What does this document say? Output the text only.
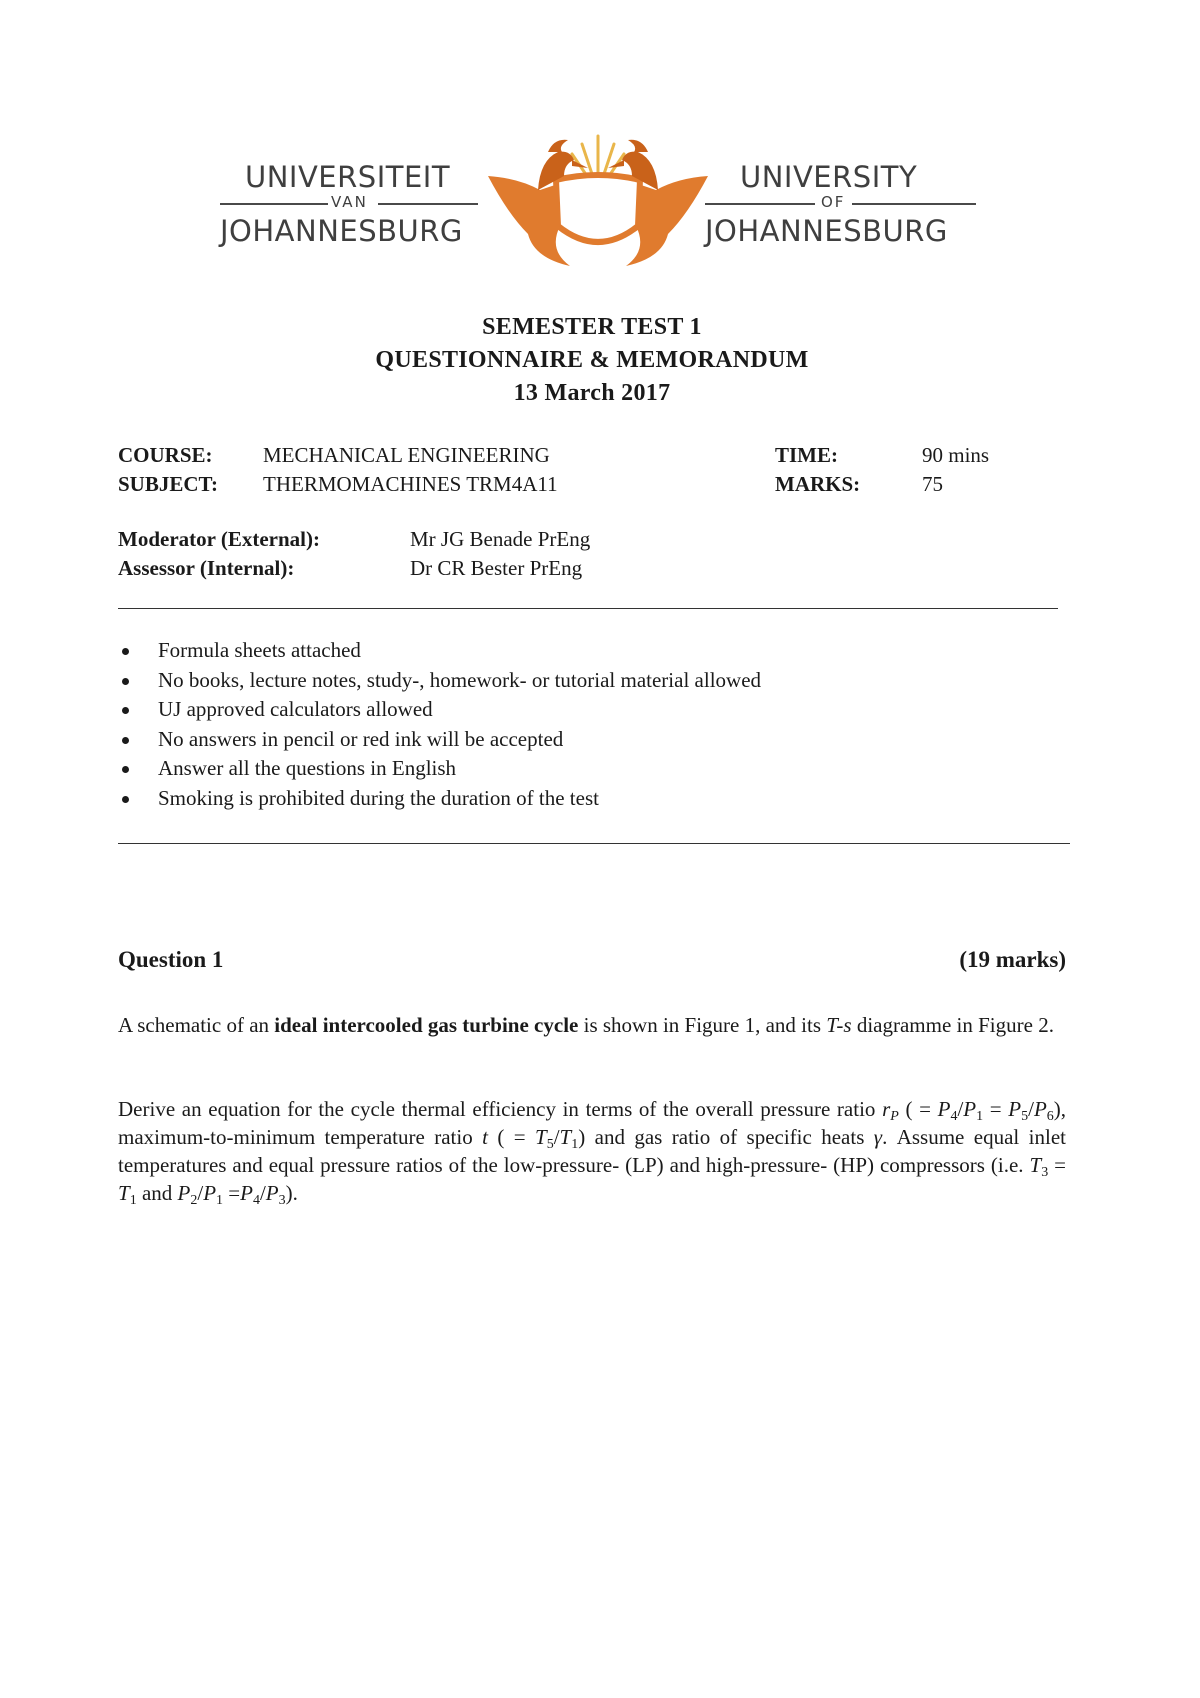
UNIVERSITEIT
VAN
JOHANNESBURG
UNIVERSITY
OF
JOHANNESBURG
SEMESTER TEST 1
QUESTIONNAIRE & MEMORANDUM
13 March 2017
COURSE: MECHANICAL ENGINEERING	TIME:	90 mins
SUBJECT: THERMOMACHINES TRM4A11	MARKS:	75
Moderator (External):	Mr JG Benade PrEng
Assessor (Internal):	Dr CR Bester PrEng
Formula sheets attached
No books, lecture notes, study-, homework- or tutorial material allowed
UJ approved calculators allowed
No answers in pencil or red ink will be accepted
Answer all the questions in English
Smoking is prohibited during the duration of the test
Question 1	(19 marks)
A schematic of an ideal intercooled gas turbine cycle is shown in Figure 1, and its T-s diagramme in Figure 2.
Derive an equation for the cycle thermal efficiency in terms of the overall pressure ratio $r_P$ ( = $P_4/P_1 = P_5/P_6$), maximum-to-minimum temperature ratio t ( = $T_5/T_1$) and gas ratio of specific heats γ. Assume equal inlet temperatures and equal pressure ratios of the low-pressure- (LP) and high-pressure- (HP) compressors (i.e. $T_3 = T_1$ and $P_2/P_1 =P_4/P_3$).
